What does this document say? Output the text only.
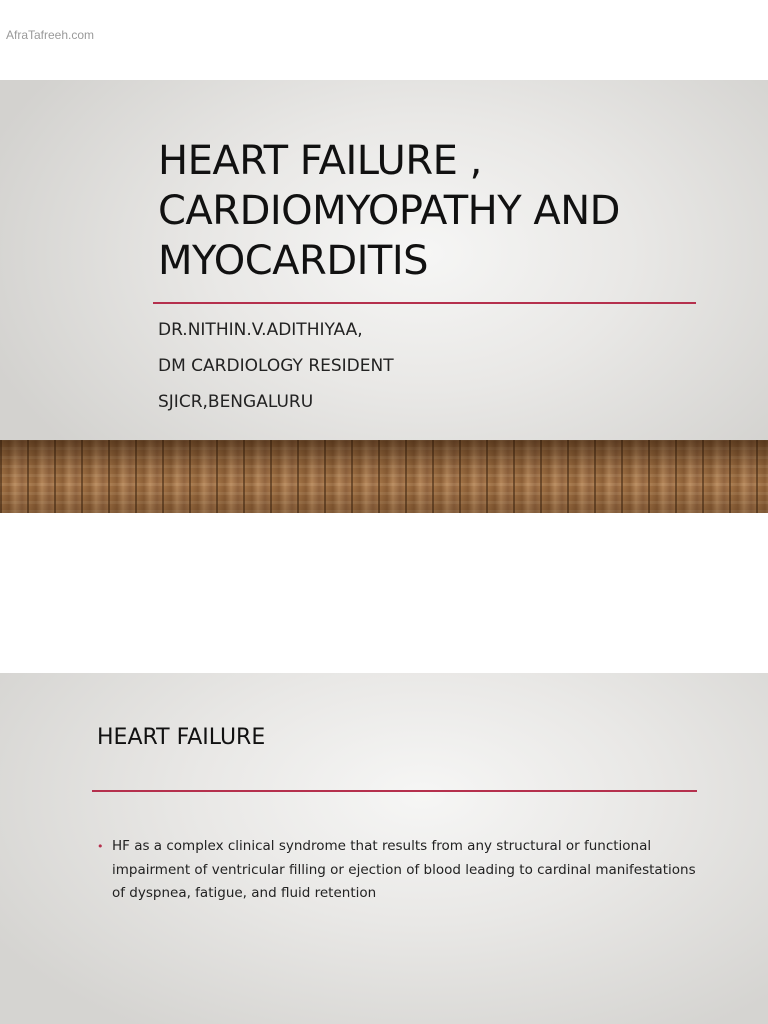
AfraTafreeh.com
HEART FAILURE ,
CARDIOMYOPATHY AND
MYOCARDITIS
DR.NITHIN.V.ADITHIYAA,
DM CARDIOLOGY RESIDENT
SJICR,BENGALURU
HEART FAILURE
• HF as a complex clinical syndrome that results from any structural or functional impairment of ventricular filling or ejection of blood leading to cardinal manifestations of dyspnea, fatigue, and fluid retention
